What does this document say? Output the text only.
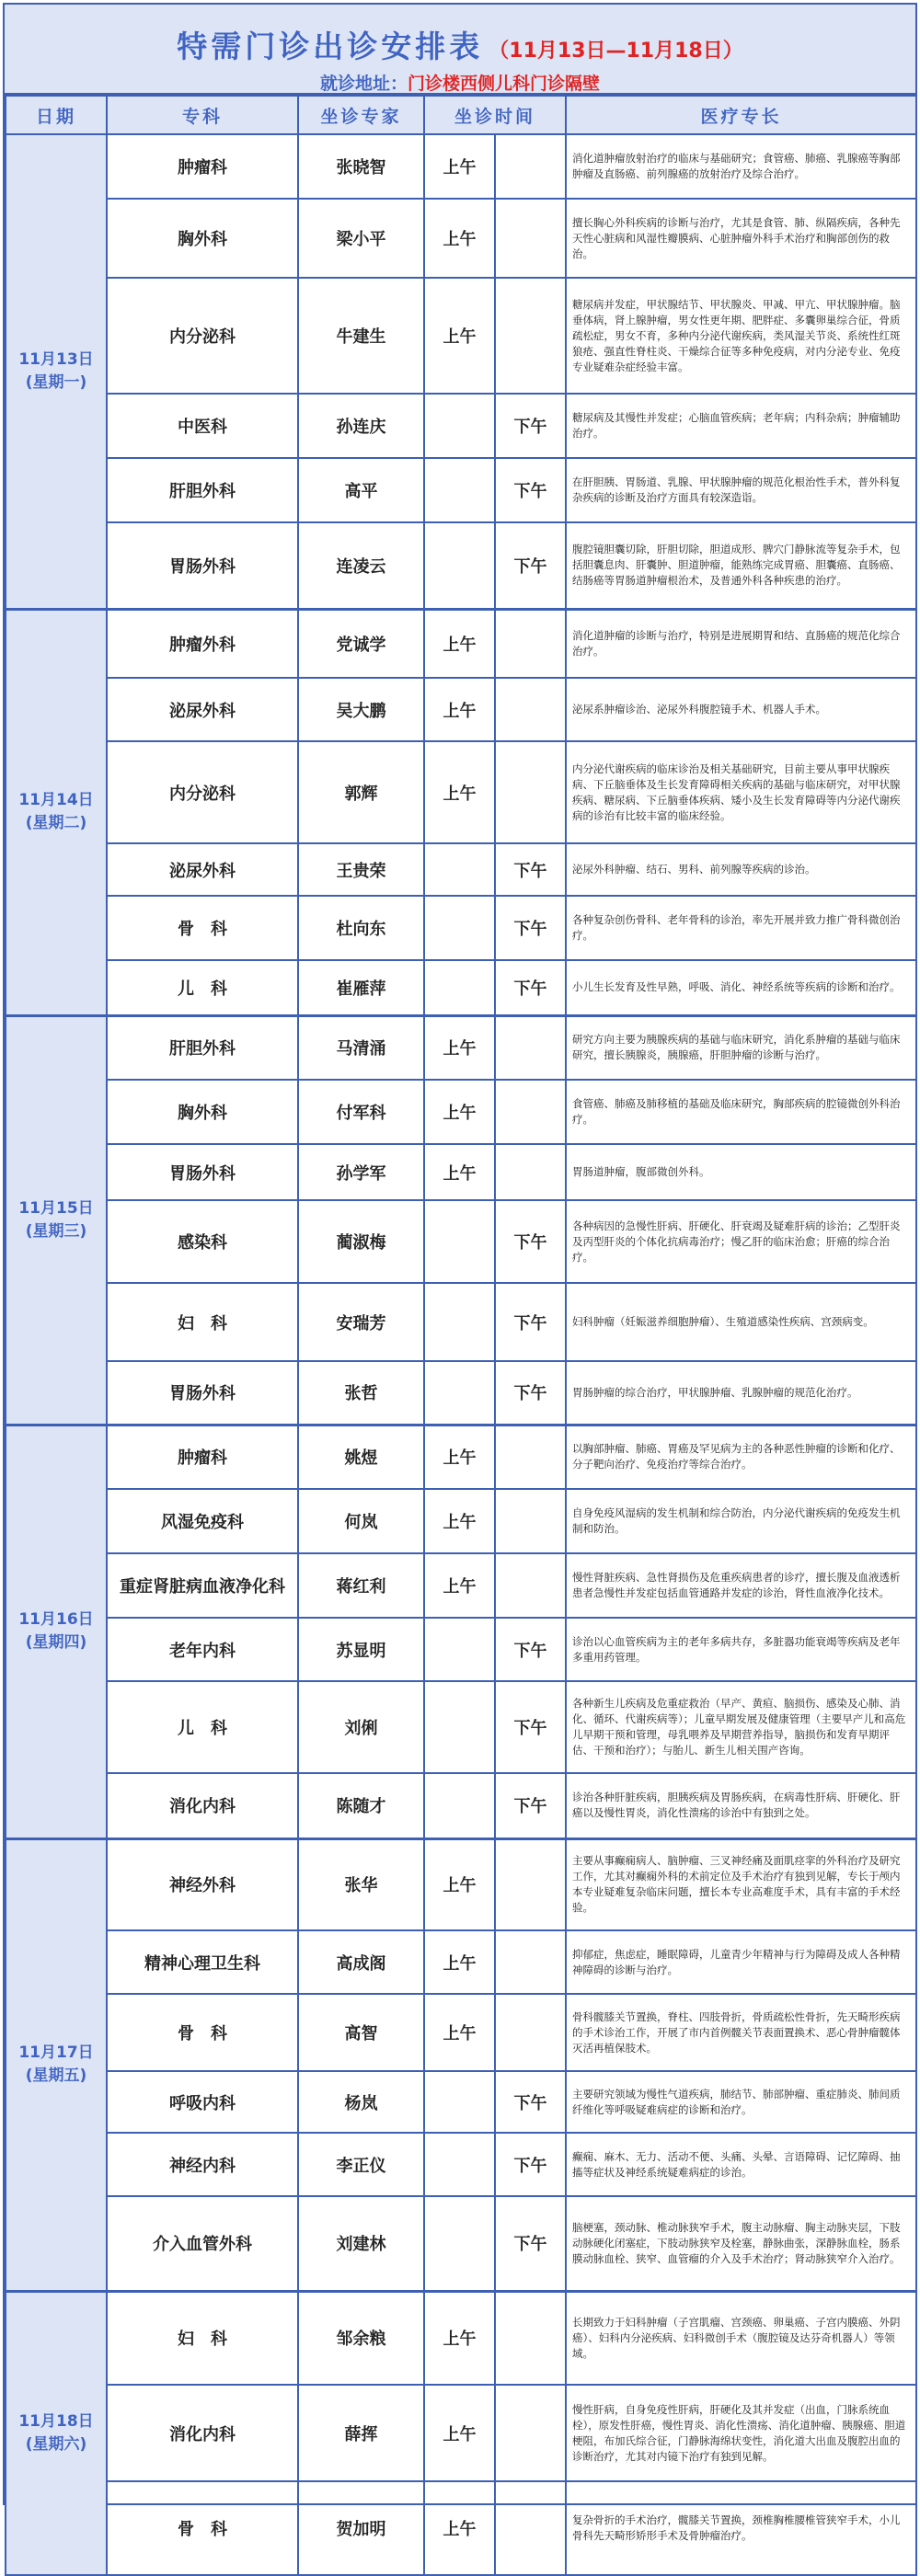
特需门诊出诊安排表 （11月13日—11月18日）
就诊地址：门诊楼西侧儿科门诊隔壁
日期	专科	坐诊专家	坐诊时间		医疗专长

11月13日
(星期一)	肿瘤科	张晓智	上午		消化道肿瘤放射治疗的临床与基础研究；食管癌、肺癌、乳腺癌等胸部肿瘤及直肠癌、前列腺癌的放射治疗及综合治疗。
	胸外科	梁小平	上午		擅长胸心外科疾病的诊断与治疗，尤其是食管、肺、纵隔疾病，各种先天性心脏病和风湿性瓣膜病、心脏肿瘤外科手术治疗和胸部创伤的救治。
	内分泌科	牛建生	上午		糖尿病并发症，甲状腺结节、甲状腺炎、甲减、甲亢、甲状腺肿瘤。脑垂体病，肾上腺肿瘤，男女性更年期、肥胖症、多囊卵巢综合征，骨质疏松症，男女不育，多种内分泌代谢疾病，类风湿关节炎、系统性红斑狼疮、强直性脊柱炎、干燥综合征等多种免疫病，对内分泌专业、免疫专业疑难杂症经验丰富。
	中医科	孙连庆		下午	糖尿病及其慢性并发症；心脑血管疾病；老年病；内科杂病；肿瘤辅助治疗。
	肝胆外科	高平		下午	在肝胆胰、胃肠道、乳腺、甲状腺肿瘤的规范化根治性手术，普外科复杂疾病的诊断及治疗方面具有较深造诣。
	胃肠外科	连凌云		下午	腹腔镜胆囊切除，肝胆切除，胆道成形、脾穴门静脉流等复杂手术，包括胆囊息肉、肝囊肿、胆道肿瘤，能熟练完成胃癌、胆囊癌、直肠癌、结肠癌等胃肠道肿瘤根治术，及普通外科各种疾患的治疗。

11月14日
(星期二)	肿瘤外科	党诚学	上午		消化道肿瘤的诊断与治疗，特别是进展期胃和结、直肠癌的规范化综合治疗。
	泌尿外科	吴大鹏	上午		泌尿系肿瘤诊治、泌尿外科腹腔镜手术、机器人手术。
	内分泌科	郭辉	上午		内分泌代谢疾病的临床诊治及相关基础研究，目前主要从事甲状腺疾病、下丘脑垂体及生长发育障碍相关疾病的基础与临床研究，对甲状腺疾病、糖尿病、下丘脑垂体疾病、矮小及生长发育障碍等内分泌代谢疾病的诊治有比较丰富的临床经验。
	泌尿外科	王贵荣		下午	泌尿外科肿瘤、结石、男科、前列腺等疾病的诊治。
	骨　科	杜向东		下午	各种复杂创伤骨科、老年骨科的诊治，率先开展并致力推广骨科微创治疗。
	儿　科	崔雁萍		下午	小儿生长发育及性早熟，呼吸、消化、神经系统等疾病的诊断和治疗。

11月15日
(星期三)	肝胆外科	马清涌	上午		研究方向主要为胰腺疾病的基础与临床研究，消化系肿瘤的基础与临床研究，擅长胰腺炎，胰腺癌，肝胆肿瘤的诊断与治疗。
	胸外科	付军科	上午		食管癌、肺癌及肺移植的基础及临床研究，胸部疾病的腔镜微创外科治疗。
	胃肠外科	孙学军	上午		胃肠道肿瘤，腹部微创外科。
	感染科	蔺淑梅		下午	各种病因的急慢性肝病、肝硬化、肝衰竭及疑难肝病的诊治；乙型肝炎及丙型肝炎的个体化抗病毒治疗；慢乙肝的临床治愈；肝癌的综合治疗。
	妇　科	安瑞芳		下午	妇科肿瘤（妊娠滋养细胞肿瘤）、生殖道感染性疾病、宫颈病变。
	胃肠外科	张哲		下午	胃肠肿瘤的综合治疗，甲状腺肿瘤、乳腺肿瘤的规范化治疗。

11月16日
(星期四)	肿瘤科	姚煜	上午		以胸部肿瘤、肺癌、胃癌及罕见病为主的各种恶性肿瘤的诊断和化疗、分子靶向治疗、免疫治疗等综合治疗。
	风湿免疫科	何岚	上午		自身免疫风湿病的发生机制和综合防治，内分泌代谢疾病的免疫发生机制和防治。
	重症肾脏病血液净化科	蒋红利	上午		慢性肾脏疾病、急性肾损伤及危重疾病患者的诊疗，擅长腹及血液透析患者急慢性并发症包括血管通路并发症的诊治，肾性血液净化技术。
	老年内科	苏显明		下午	诊治以心血管疾病为主的老年多病共存，多脏器功能衰竭等疾病及老年多重用药管理。
	儿　科	刘俐		下午	各种新生儿疾病及危重症救治（早产、黄疸、脑损伤、感染及心肺、消化、循环、代谢疾病等）；儿童早期发展及健康管理（主要早产儿和高危儿早期干预和管理，母乳喂养及早期营养指导，脑损伤和发育早期评估、干预和治疗）；与胎儿、新生儿相关围产咨询。
	消化内科	陈随才		下午	诊治各种肝脏疾病，胆胰疾病及胃肠疾病，在病毒性肝病、肝硬化、肝癌以及慢性胃炎，消化性溃疡的诊治中有独到之处。

11月17日
(星期五)	神经外科	张华	上午		主要从事癫痫病人、脑肿瘤、三叉神经痛及面肌痉挛的外科治疗及研究工作，尤其对癫痫外科的术前定位及手术治疗有独到见解，专长于颅内本专业疑难复杂临床问题，擅长本专业高难度手术，具有丰富的手术经验。
	精神心理卫生科	高成阁	上午		抑郁症，焦虑症，睡眠障碍，儿童青少年精神与行为障碍及成人各种精神障碍的诊断与治疗。
	骨　科	高智	上午		骨科髋膝关节置换，脊柱、四肢骨折，骨质疏松性骨折，先天畸形疾病的手术诊治工作，开展了市内首例髋关节表面置换术、恶心骨肿瘤髋体灭活再植保肢术。
	呼吸内科	杨岚		下午	主要研究领域为慢性气道疾病，肺结节、肺部肿瘤、重症肺炎、肺间质纤维化等呼吸疑难病症的诊断和治疗。
	神经内科	李正仪		下午	癫痫、麻木、无力、活动不便、头痛、头晕、言语障碍、记忆障碍、抽搐等症状及神经系统疑难病症的诊治。
	介入血管外科	刘建林		下午	脑梗塞，颈动脉、椎动脉狭窄手术，腹主动脉瘤、胸主动脉夹层，下肢动脉硬化闭塞症，下肢动脉狭窄及栓塞，静脉曲张，深静脉血栓，肠系膜动脉血栓、狭窄、血管瘤的介入及手术治疗；肾动脉狭窄介入治疗。

11月18日
(星期六)	妇　科	邹余粮	上午		长期致力于妇科肿瘤（子宫肌瘤、宫颈癌、卵巢癌、子宫内膜癌、外阴癌）、妇科内分泌疾病、妇科微创手术（腹腔镜及达芬奇机器人）等领域。
	消化内科	薛挥	上午		慢性肝病，自身免疫性肝病，肝硬化及其并发症（出血，门脉系统血栓），原发性肝癌，慢性胃炎、消化性溃疡、消化道肿瘤、胰腺癌、胆道梗阻，布加氏综合征，门静脉海绵状变性，消化道大出血及腹腔出血的诊断治疗，尤其对内镜下治疗有独到见解。
	骨　科	贺加明	上午		复杂骨折的手术治疗，髋膝关节置换，颈椎胸椎腰椎管狭窄手术，小儿骨科先天畸形矫形手术及骨肿瘤治疗。
